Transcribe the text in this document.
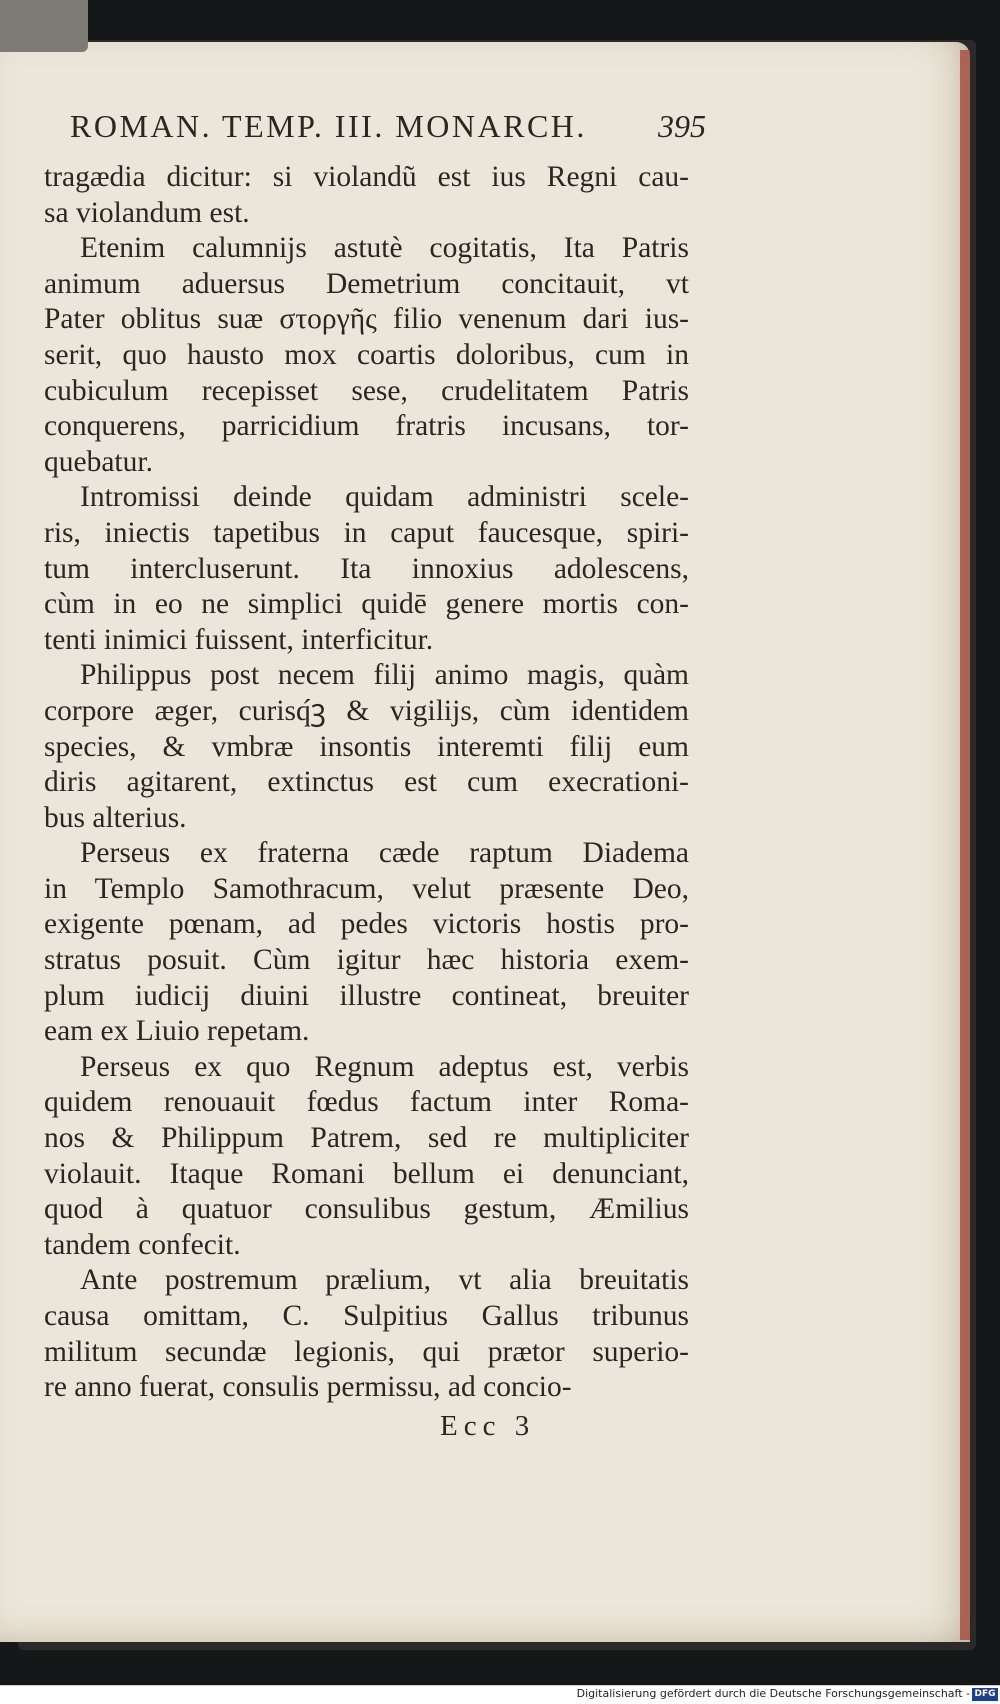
ROMAN. TEMP. III. MONARCH. 395
tragædia dicitur: si violandũ est ius Regni cau-
sa violandum est.
Etenim calumnijs astutè cogitatis, Ita Patris
animum aduersus Demetrium concitauit, vt
Pater oblitus suæ στοργῆς filio venenum dari ius-
serit, quo hausto mox coartis doloribus, cum in
cubiculum recepisset sese, crudelitatem Patris
conquerens, parricidium fratris incusans, tor-
quebatur.
Intromissi deinde quidam administri scele-
ris, iniectis tapetibus in caput faucesque, spiri-
tum intercluserunt. Ita innoxius adolescens,
cùm in eo ne simplici quidē genere mortis con-
tenti inimici fuissent, interficitur.
Philippus post necem filij animo magis, quàm
corpore æger, curisq́ꝫ & vigilijs, cùm identidem
species, & vmbræ insontis interemti filij eum
diris agitarent, extinctus est cum execrationi-
bus alterius.
Perseus ex fraterna cæde raptum Diadema
in Templo Samothracum, velut præsente Deo,
exigente pœnam, ad pedes victoris hostis pro-
stratus posuit. Cùm igitur hæc historia exem-
plum iudicij diuini illustre contineat, breuiter
eam ex Liuio repetam.
Perseus ex quo Regnum adeptus est, verbis
quidem renouauit fœdus factum inter Roma-
nos & Philippum Patrem, sed re multipliciter
violauit. Itaque Romani bellum ei denunciant,
quod à quatuor consulibus gestum, Æmilius
tandem confecit.
Ante postremum prælium, vt alia breuitatis
causa omittam, C. Sulpitius Gallus tribunus
militum secundæ legionis, qui prætor superio-
re anno fuerat, consulis permissu, ad concio-
Ecc 3
Digitalisierung gefördert durch die Deutsche Forschungsgemeinschaft - DFG
